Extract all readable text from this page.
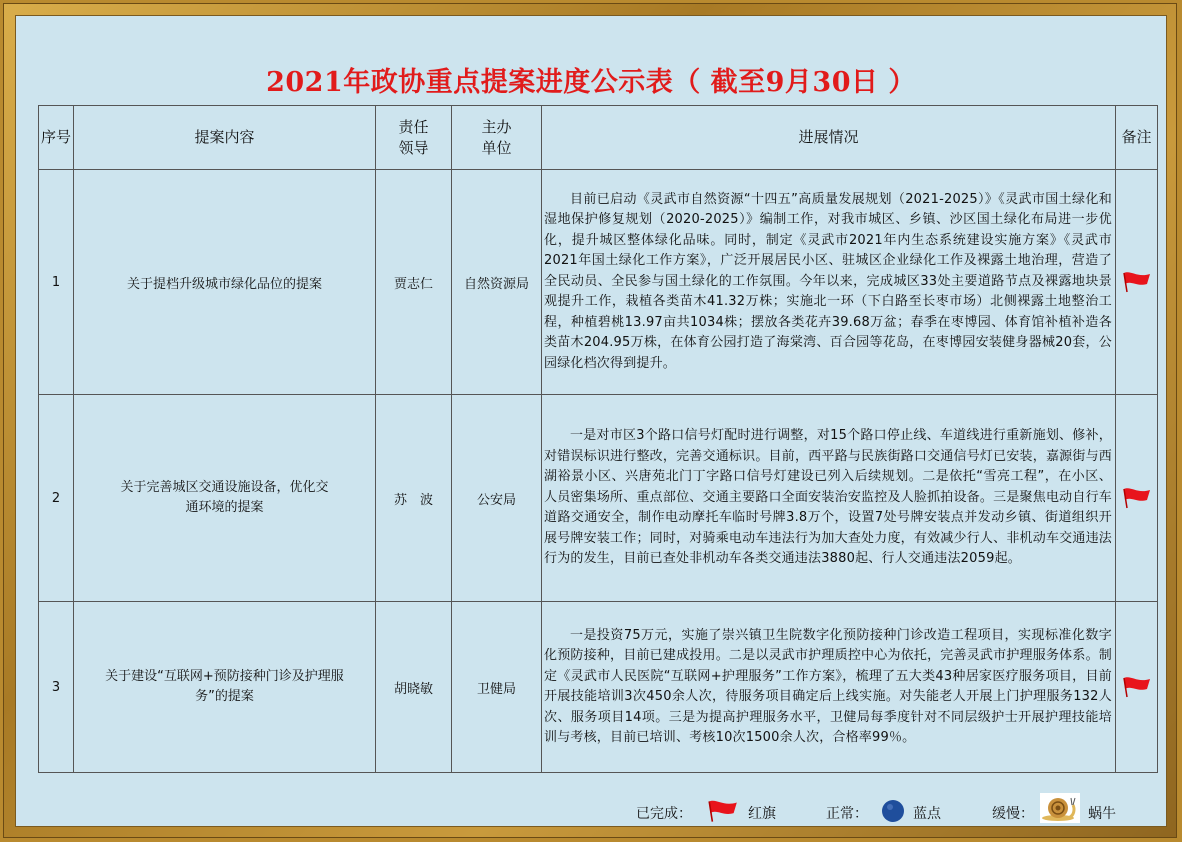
2021年政协重点提案进度公示表（ 截至9月30日 ）
序号	提案内容	责任领导	主办单位	进展情况	备注
1	关于提档升级城市绿化品位的提案	贾志仁	自然资源局	目前已启动《灵武市自然资源“十四五”高质量发展规划（2021-2025）》《灵武市国土绿化和湿地保护修复规划（2020-2025）》编制工作，对我市城区、乡镇、沙区国土绿化布局进一步优化，提升城区整体绿化品味。同时，制定《灵武市2021年内生态系统建设实施方案》《灵武市2021年国土绿化工作方案》，广泛开展居民小区、驻城区企业绿化工作及裸露土地治理，营造了全民动员、全民参与国土绿化的工作氛围。今年以来，完成城区33处主要道路节点及裸露地块景观提升工作，栽植各类苗木41.32万株；实施北一环（下白路至长枣市场）北侧裸露土地整治工程，种植碧桃13.97亩共1034株；摆放各类花卉39.68万盆；春季在枣博园、体育馆补植补造各类苗木204.95万株，在体育公园打造了海棠湾、百合园等花岛，在枣博园安装健身器械20套，公园绿化档次得到提升。	
2	关于完善城区交通设施设备，优化交通环境的提案	苏　波	公安局	一是对市区3个路口信号灯配时进行调整，对15个路口停止线、车道线进行重新施划、修补，对错误标识进行整改，完善交通标识。目前，西平路与民族街路口交通信号灯已安装，嘉源街与西湖裕景小区、兴唐苑北门丁字路口信号灯建设已列入后续规划。二是依托“雪亮工程”，在小区、人员密集场所、重点部位、交通主要路口全面安装治安监控及人脸抓拍设备。三是聚焦电动自行车道路交通安全，制作电动摩托车临时号牌3.8万个，设置7处号牌安装点并发动乡镇、街道组织开展号牌安装工作；同时，对骑乘电动车违法行为加大查处力度，有效减少行人、非机动车交通违法行为的发生，目前已查处非机动车各类交通违法3880起、行人交通违法2059起。	
3	关于建设“互联网+预防接种门诊及护理服务”的提案	胡晓敏	卫健局	一是投资75万元，实施了崇兴镇卫生院数字化预防接种门诊改造工程项目，实现标准化数字化预防接种，目前已建成投用。二是以灵武市护理质控中心为依托，完善灵武市护理服务体系。制定《灵武市人民医院“互联网+护理服务”工作方案》，梳理了五大类43种居家医疗服务项目，目前开展技能培训3次450余人次，待服务项目确定后上线实施。对失能老人开展上门护理服务132人次、服务项目14项。三是为提高护理服务水平，卫健局每季度针对不同层级护士开展护理技能培训与考核，目前已培训、考核10次1500余人次，合格率99％。	
已完成：	红旗	正常：	蓝点	缓慢：	蜗牛
